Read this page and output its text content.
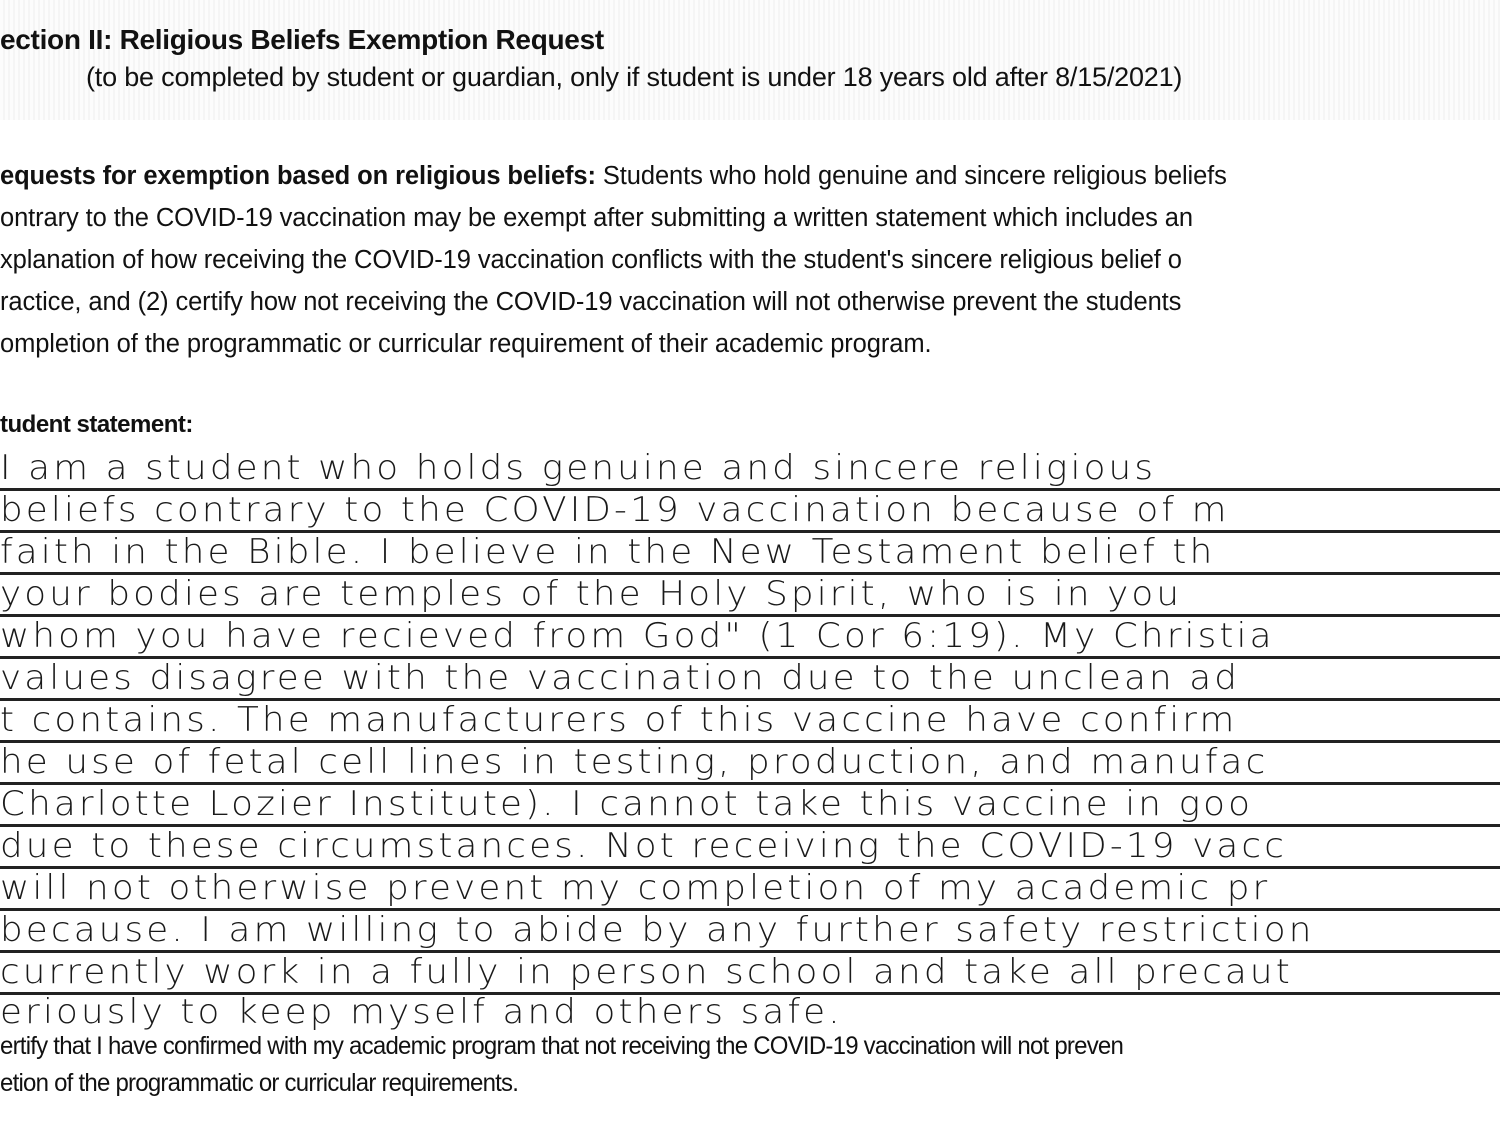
ection II: Religious Beliefs Exemption Request
(to be completed by student or guardian, only if student is under 18 years old after 8/15/2021)
equests for exemption based on religious beliefs: Students who hold genuine and sincere religious beliefs
ontrary to the COVID-19 vaccination may be exempt after submitting a written statement which includes an
xplanation of how receiving the COVID-19 vaccination conflicts with the student's sincere religious belief o
ractice, and (2) certify how not receiving the COVID-19 vaccination will not otherwise prevent the students
ompletion of the programmatic or curricular requirement of their academic program.
tudent statement:
I am a student who holds genuine and sincere religious
beliefs contrary to the COVID-19 vaccination because of m
faith in the Bible. I believe in the New Testament belief th
your bodies are temples of the Holy Spirit, who is in you
whom you have recieved from God" (1 Cor 6:19). My Christia
values disagree with the vaccination due to the unclean ad
t contains. The manufacturers of this vaccine have confirm
he use of fetal cell lines in testing, production, and manufac
Charlotte Lozier Institute). I cannot take this vaccine in goo
due to these circumstances. Not receiving the COVID-19 vacc
will not otherwise prevent my completion of my academic pr
because. I am willing to abide by any further safety restriction
currently work in a fully in person school and take all precaut
eriously to keep myself and others safe.
ertify that I have confirmed with my academic program that not receiving the COVID-19 vaccination will not preven
etion of the programmatic or curricular requirements.
